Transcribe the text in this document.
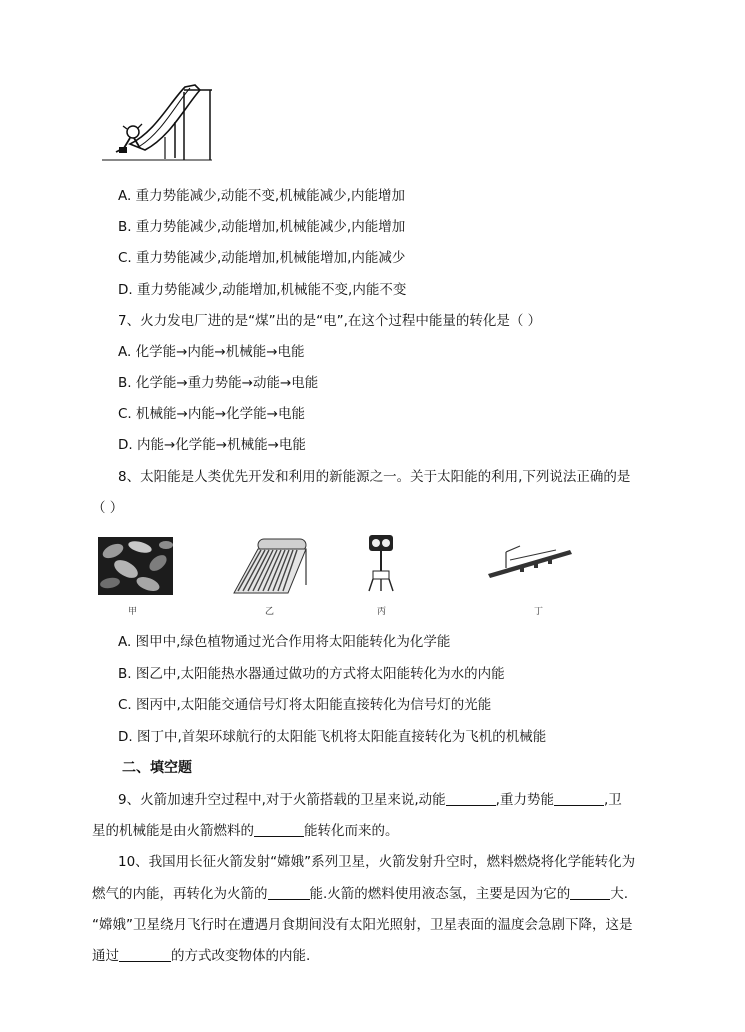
A. 重力势能减少,动能不变,机械能减少,内能增加
B. 重力势能减少,动能增加,机械能减少,内能增加
C. 重力势能减少,动能增加,机械能增加,内能减少
D. 重力势能减少,动能增加,机械能不变,内能不变
7、火力发电厂进的是“煤”出的是“电”,在这个过程中能量的转化是（ ）
A. 化学能→内能→机械能→电能
B. 化学能→重力势能→动能→电能
C. 机械能→内能→化学能→电能
D. 内能→化学能→机械能→电能
8、太阳能是人类优先开发和利用的新能源之一。关于太阳能的利用,下列说法正确的是
（ ）
甲	乙	丙	丁
A. 图甲中,绿色植物通过光合作用将太阳能转化为化学能
B. 图乙中,太阳能热水器通过做功的方式将太阳能转化为水的内能
C. 图丙中,太阳能交通信号灯将太阳能直接转化为信号灯的光能
D. 图丁中,首架环球航行的太阳能飞机将太阳能直接转化为飞机的机械能
二、填空题
9、火箭加速升空过程中,对于火箭搭载的卫星来说,动能	,重力势能	,卫
星的机械能是由火箭燃料的	能转化而来的。
10、我国用长征火箭发射“嫦娥”系列卫星，火箭发射升空时，燃料燃烧将化学能转化为
燃气的内能，再转化为火箭的	能.火箭的燃料使用液态氢，主要是因为它的	大.
“嫦娥”卫星绕月飞行时在遭遇月食期间没有太阳光照射，卫星表面的温度会急剧下降，这是
通过	的方式改变物体的内能.
